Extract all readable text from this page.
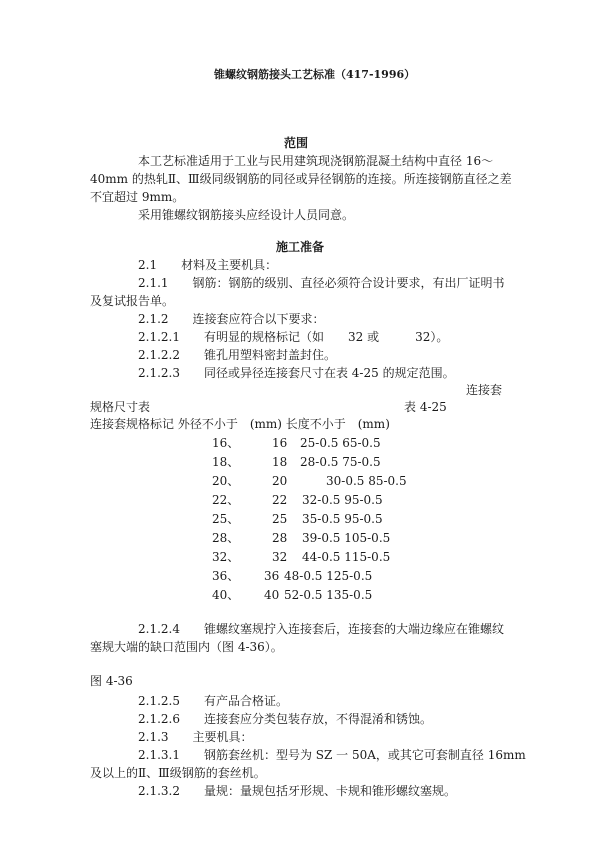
锥螺纹钢筋接头工艺标准（417-1996）
范围
本工艺标准适用于工业与民用建筑现浇钢筋混凝土结构中直径 16～
40mm 的热轧Ⅱ、Ⅲ级同级钢筋的同径或异径钢筋的连接。所连接钢筋直径之差
不宜超过 9mm。
采用锥螺纹钢筋接头应经设计人员同意。
施工准备
2.1　　材料及主要机具：
2.1.1　　钢筋：钢筋的级别、直径必须符合设计要求，有出厂证明书
及复试报告单。
2.1.2　　连接套应符合以下要求：
2.1.2.1　　有明显的规格标记（如　　32 或　　　32）。
2.1.2.2　　锥孔用塑料密封盖封住。
2.1.2.3　　同径或异径连接套尺寸在表 4-25 的规定范围。
连接套
规格尺寸表	表 4-25
连接套规格标记 外径不小于　(mm) 长度不小于　(mm)
16、	16 25-0.5 65-0.5
18、	18 28-0.5 75-0.5
20、	20	30-0.5 85-0.5
22、	22 32-0.5 95-0.5
25、	25 35-0.5 95-0.5
28、	28 39-0.5 105-0.5
32、	32 44-0.5 115-0.5
36、 36 48-0.5 125-0.5
40、 40 52-0.5 135-0.5
2.1.2.4　　锥螺纹塞规拧入连接套后，连接套的大端边缘应在锥螺纹
塞规大端的缺口范围内（图 4-36）。
图 4-36
2.1.2.5　　有产品合格证。
2.1.2.6　　连接套应分类包装存放，不得混淆和锈蚀。
2.1.3　　主要机具：
2.1.3.1　　钢筋套丝机：型号为 SZ 一 50A，或其它可套制直径 16mm
及以上的Ⅱ、Ⅲ级钢筋的套丝机。
2.1.3.2　　量规：量规包括牙形规、卡规和锥形螺纹塞规。
